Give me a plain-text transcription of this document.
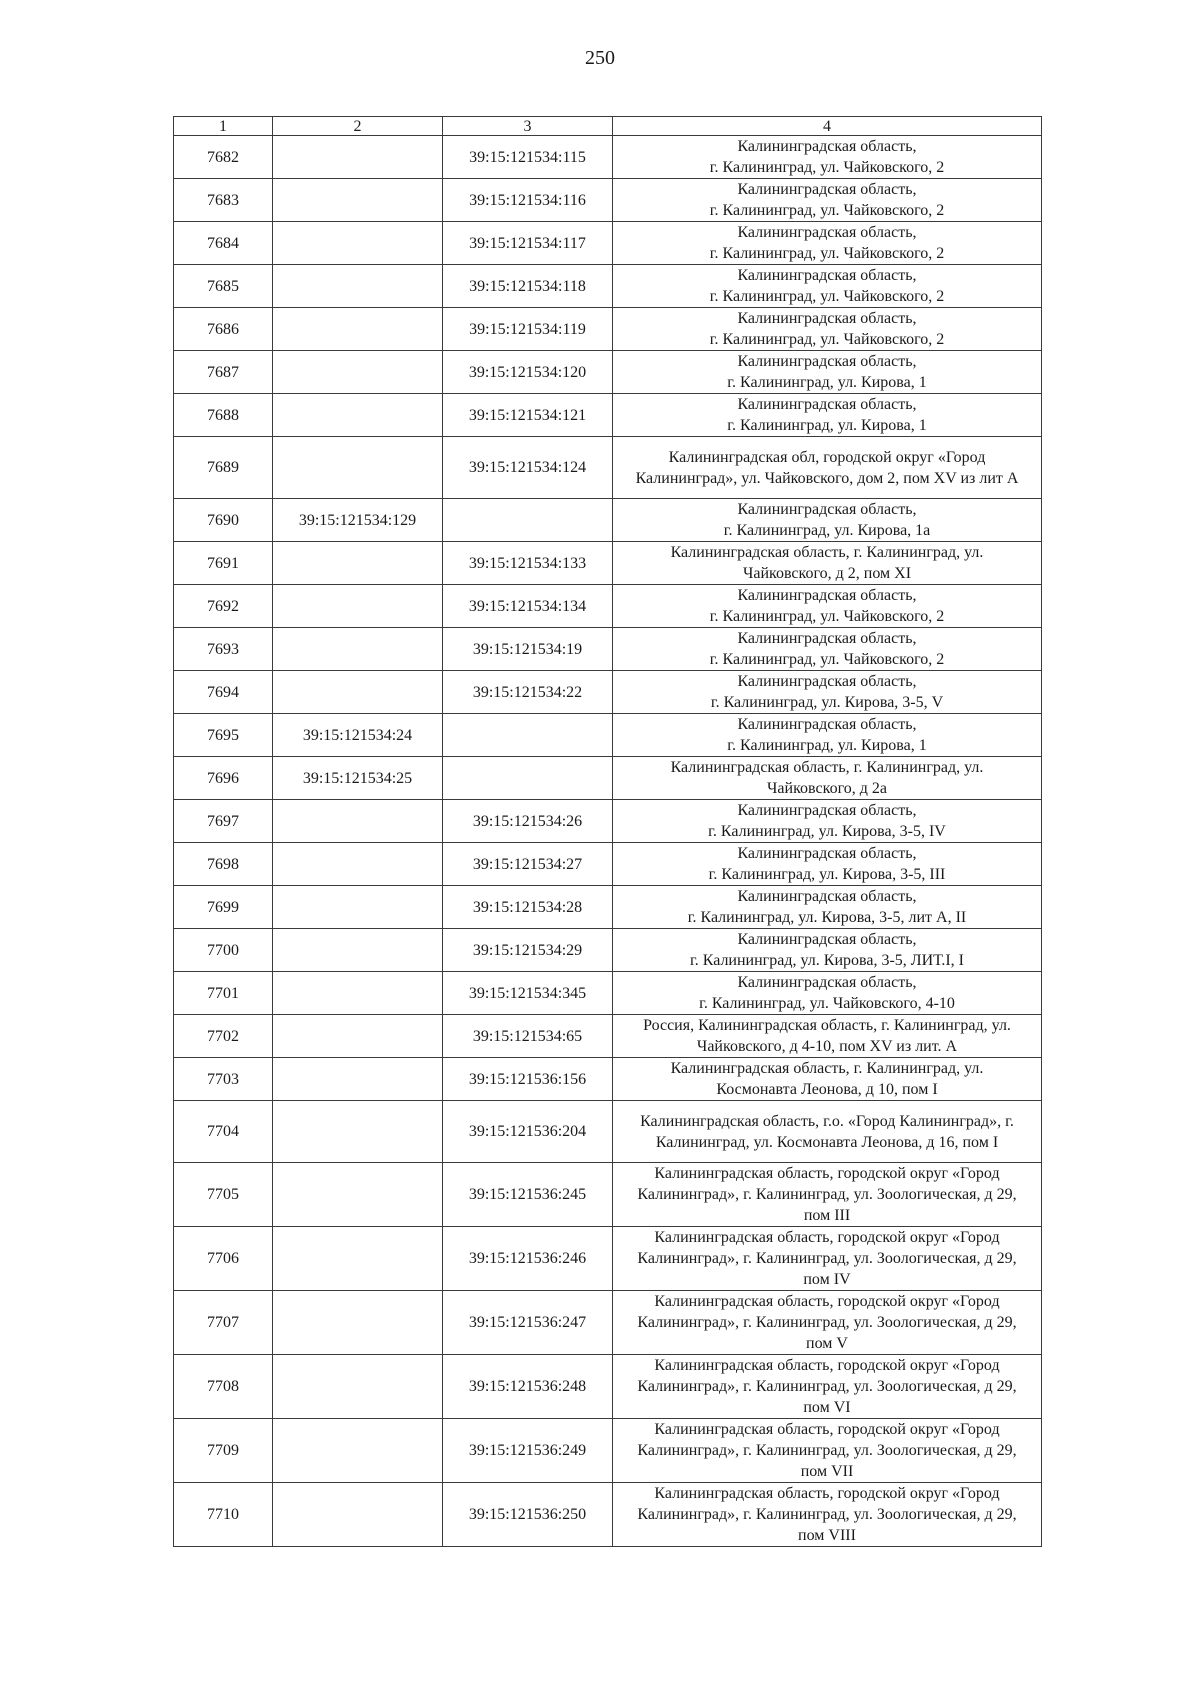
250
1	2	3	4
7682		39:15:121534:115	Калининградская область,
г. Калининград, ул. Чайковского, 2

7683		39:15:121534:116	Калининградская область,
г. Калининград, ул. Чайковского, 2

7684		39:15:121534:117	Калининградская область,
г. Калининград, ул. Чайковского, 2

7685		39:15:121534:118	Калининградская область,
г. Калининград, ул. Чайковского, 2

7686		39:15:121534:119	Калининградская область,
г. Калининград, ул. Чайковского, 2

7687		39:15:121534:120	Калининградская область,
г. Калининград, ул. Кирова, 1

7688		39:15:121534:121	Калининградская область,
г. Калининград, ул. Кирова, 1

7689		39:15:121534:124	Калининградская обл, городской округ «Город
Калининград», ул. Чайковского, дом 2, пом XV из лит А

7690	39:15:121534:129		Калининградская область,
г. Калининград, ул. Кирова, 1а

7691		39:15:121534:133	Калининградская область, г. Калининград, ул.
Чайковского, д 2, пом XI

7692		39:15:121534:134	Калининградская область,
г. Калининград, ул. Чайковского, 2

7693		39:15:121534:19	Калининградская область,
г. Калининград, ул. Чайковского, 2

7694		39:15:121534:22	Калининградская область,
г. Калининград, ул. Кирова, 3-5, V

7695	39:15:121534:24		Калининградская область,
г. Калининград, ул. Кирова, 1

7696	39:15:121534:25		Калининградская область, г. Калининград, ул.
Чайковского, д 2а

7697		39:15:121534:26	Калининградская область,
г. Калининград, ул. Кирова, 3-5, IV

7698		39:15:121534:27	Калининградская область,
г. Калининград, ул. Кирова, 3-5, III

7699		39:15:121534:28	Калининградская область,
г. Калининград, ул. Кирова, 3-5, лит А, II

7700		39:15:121534:29	Калининградская область,
г. Калининград, ул. Кирова, 3-5, ЛИТ.I, I

7701		39:15:121534:345	Калининградская область,
г. Калининград, ул. Чайковского, 4-10

7702		39:15:121534:65	Россия, Калининградская область, г. Калининград, ул.
Чайковского, д 4-10, пом XV из лит. А

7703		39:15:121536:156	Калининградская область, г. Калининград, ул.
Космонавта Леонова, д 10, пом I

7704		39:15:121536:204	Калининградская область, г.о. «Город Калининград», г.
Калининград, ул. Космонавта Леонова, д 16, пом I

7705		39:15:121536:245	Калининградская область, городской округ «Город
Калининград», г. Калининград, ул. Зоологическая, д 29,
пом III

7706		39:15:121536:246	Калининградская область, городской округ «Город
Калининград», г. Калининград, ул. Зоологическая, д 29,
пом IV

7707		39:15:121536:247	Калининградская область, городской округ «Город
Калининград», г. Калининград, ул. Зоологическая, д 29,
пом V

7708		39:15:121536:248	Калининградская область, городской округ «Город
Калининград», г. Калининград, ул. Зоологическая, д 29,
пом VI

7709		39:15:121536:249	Калининградская область, городской округ «Город
Калининград», г. Калининград, ул. Зоологическая, д 29,
пом VII

7710		39:15:121536:250	Калининградская область, городской округ «Город
Калининград», г. Калининград, ул. Зоологическая, д 29,
пом VIII
